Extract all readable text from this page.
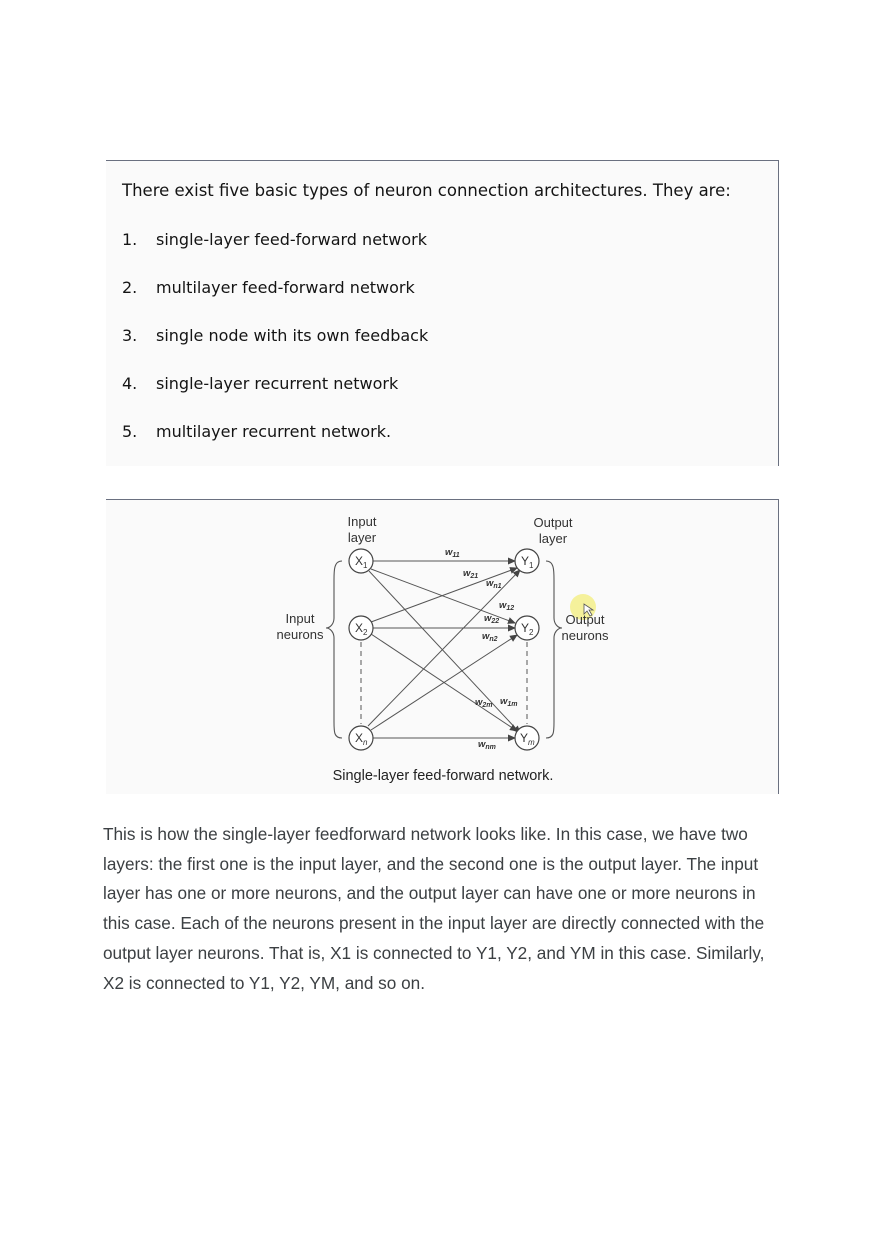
There exist five basic types of neuron connection architectures. They are:

1. single-layer feed-forward network
2. multilayer feed-forward network
3. single node with its own feedback
4. single-layer recurrent network
5. multilayer recurrent network.
$X_1$
$X_2$
$X_n$
$Y_1$
$Y_2$
$Y_m$
Input
layer
Output
layer
Input
neurons
Output
neurons
$w_{11}$
$w_{21}$
$w_{n1}$
$w_{12}$
$w_{22}$
$w_{n2}$
$w_{2m}$ $w_{1m}$
$w_{nm}$
Single-layer feed-forward network.

This is how the single-layer feedforward network looks like. In this case, we have two layers: the first one is the input layer, and the second one is the output layer. The input layer has one or more neurons, and the output layer can have one or more neurons in this case. Each of the neurons present in the input layer are directly connected with the output layer neurons. That is, X1 is connected to Y1, Y2, and YM in this case. Similarly, X2 is connected to Y1, Y2, YM, and so on.
